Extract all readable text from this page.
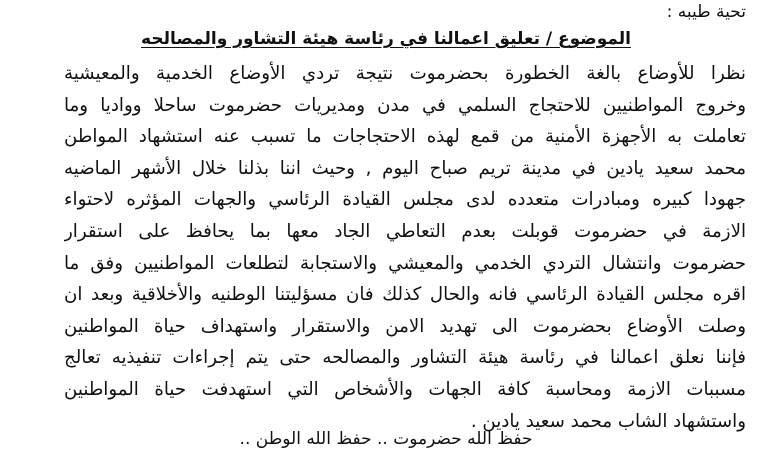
تحية طيبه :
الموضوع / تعليق اعمالنا في رئاسة هيئة التشاور والمصالحه
نظرا للأوضاع بالغة الخطورة بحضرموت نتيجة تردي الأوضاع الخدمية والمعيشية
وخروج المواطنيين للاحتجاج السلمي في مدن ومديريات حضرموت ساحلا وواديا وما
تعاملت به الأجهزة الأمنية من قمع لهذه الاحتجاجات ما تسبب عنه استشهاد المواطن
محمد سعيد يادين في مدينة تريم صباح اليوم , وحيث اننا بذلنا خلال الأشهر الماضيه
جهودا كبيره ومبادرات متعدده لدى مجلس القيادة الرئاسي والجهات المؤثره لاحتواء
الازمة في حضرموت قوبلت بعدم التعاطي الجاد معها بما يحافظ على استقرار
حضرموت وانتشال التردي الخدمي والمعيشي والاستجابة لتطلعات المواطنيين وفق ما
اقره مجلس القيادة الرئاسي فانه والحال كذلك فان مسؤليتنا الوطنيه والأخلاقية وبعد ان
وصلت الأوضاع بحضرموت الى تهديد الامن والاستقرار واستهداف حياة المواطنين
فإننا نعلق اعمالنا في رئاسة هيئة التشاور والمصالحه حتى يتم إجراءات تنفيذيه تعالج
مسببات الازمة ومحاسبة كافة الجهات والأشخاص التي استهدفت حياة المواطنين
واستشهاد الشاب محمد سعيد يادين .
حفظ الله حضرموت .. حفظ الله الوطن ..
